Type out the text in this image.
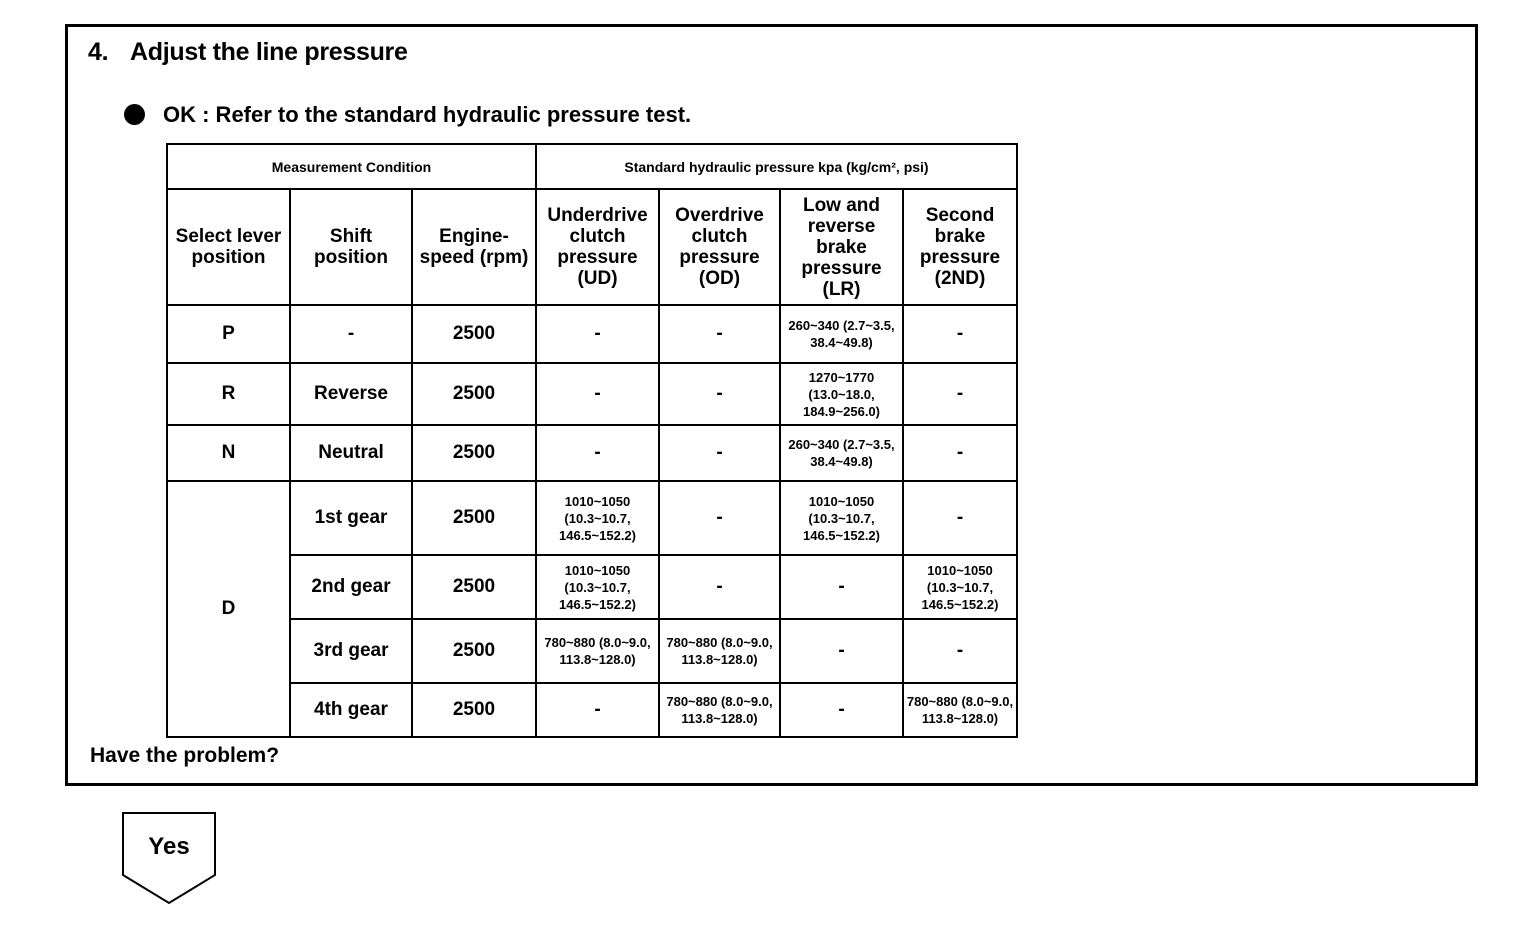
4. Adjust the line pressure
OK : Refer to the standard hydraulic pressure test.
Measurement Condition			Standard hydraulic pressure kpa (kg/cm², psi)			
Select lever position	Shift position	Engine-speed (rpm)	Underdrive clutch pressure (UD)	Overdrive clutch pressure (OD)	Low and reverse brake pressure (LR)	Second brake pressure (2ND)
P	-	2500	-	-	260~340 (2.7~3.5, 38.4~49.8)	-
R	Reverse	2500	-	-	1270~1770 (13.0~18.0, 184.9~256.0)	-
N	Neutral	2500	-	-	260~340 (2.7~3.5, 38.4~49.8)	-
D	1st gear	2500	1010~1050 (10.3~10.7, 146.5~152.2)	-	1010~1050 (10.3~10.7, 146.5~152.2)	-
	2nd gear	2500	1010~1050 (10.3~10.7, 146.5~152.2)	-	-	1010~1050 (10.3~10.7, 146.5~152.2)
	3rd gear	2500	780~880 (8.0~9.0, 113.8~128.0)	780~880 (8.0~9.0, 113.8~128.0)	-	-
	4th gear	2500	-	780~880 (8.0~9.0, 113.8~128.0)	-	780~880 (8.0~9.0, 113.8~128.0)
Have the problem?
Yes
